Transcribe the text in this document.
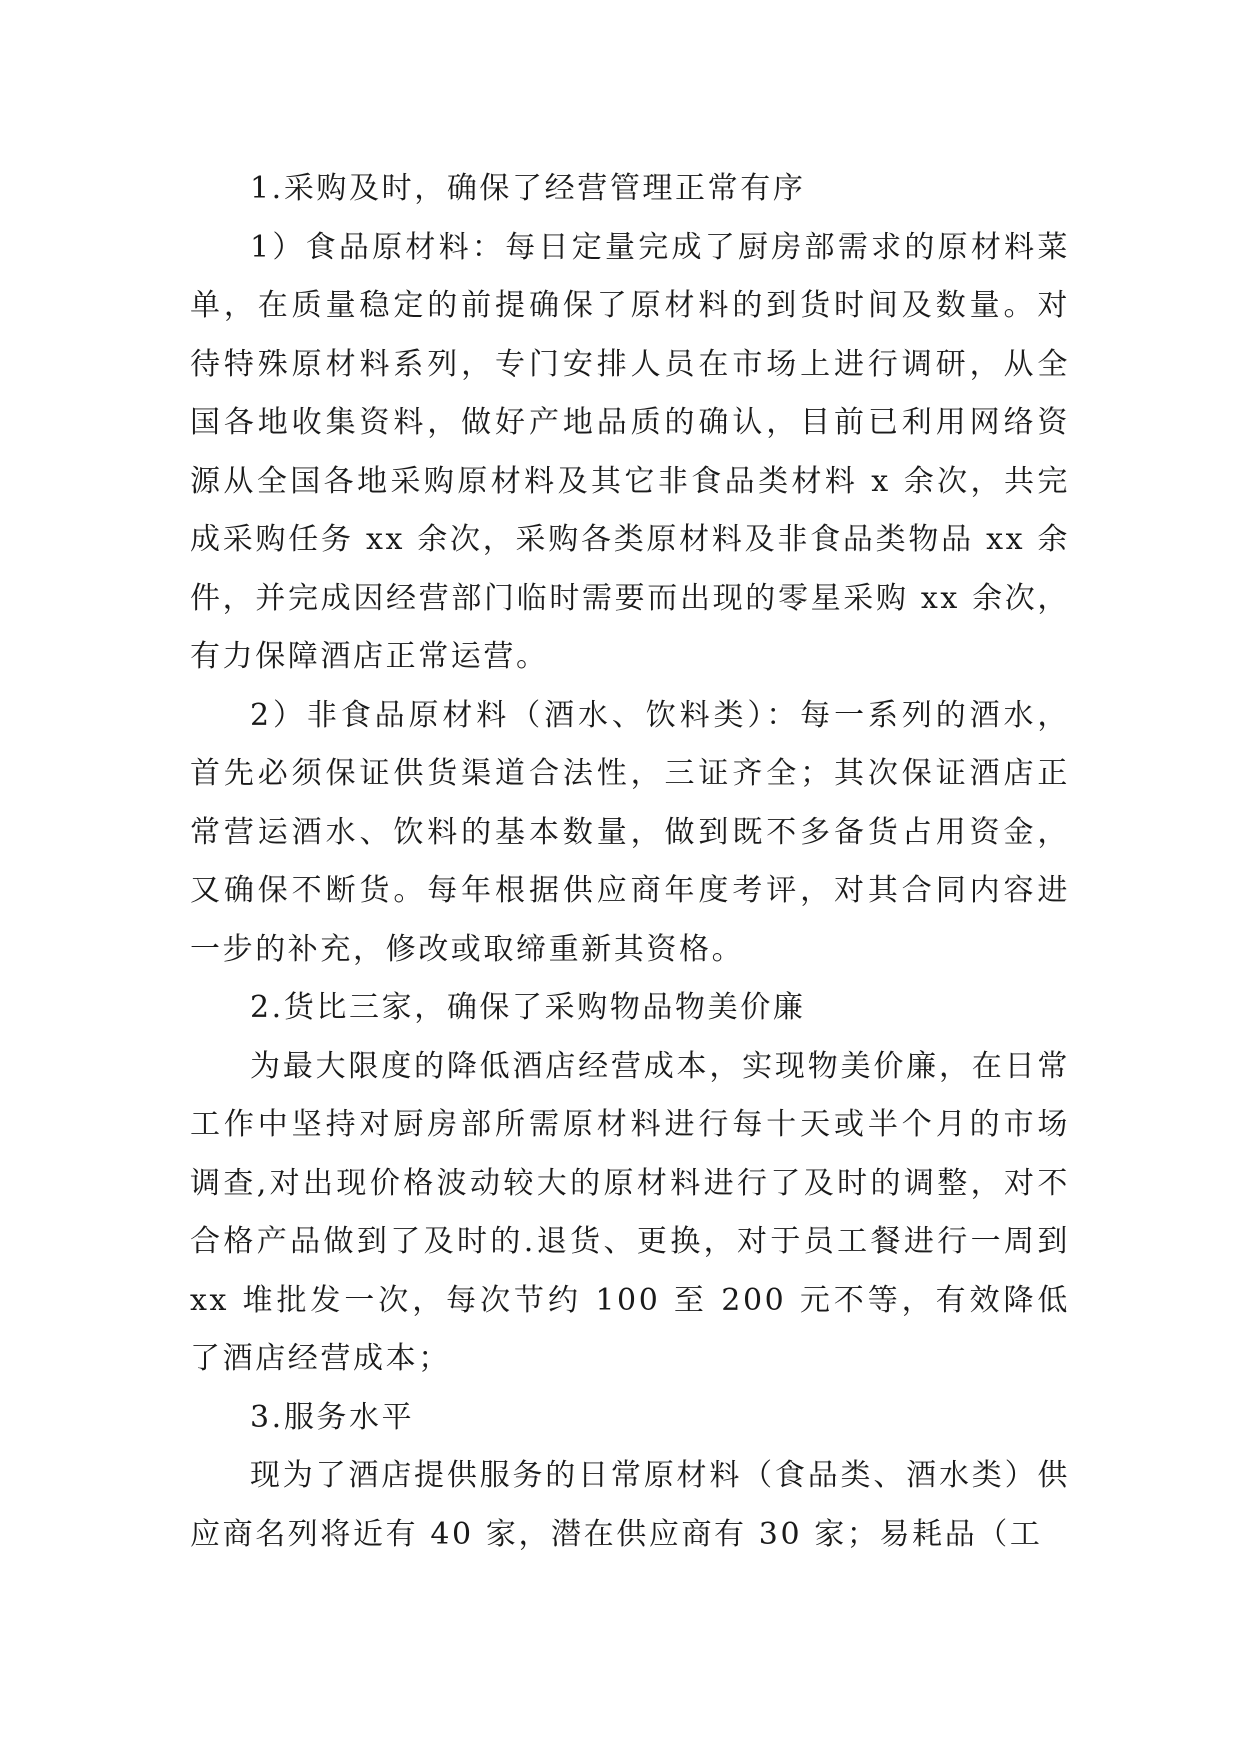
1.采购及时，确保了经营管理正常有序

1）食品原材料：每日定量完成了厨房部需求的原材料菜单，在质量稳定的前提确保了原材料的到货时间及数量。对待特殊原材料系列，专门安排人员在市场上进行调研，从全国各地收集资料，做好产地品质的确认，目前已利用网络资源从全国各地采购原材料及其它非食品类材料 x 余次，共完成采购任务 xx 余次，采购各类原材料及非食品类物品 xx 余件，并完成因经营部门临时需要而出现的零星采购 xx 余次，有力保障酒店正常运营。

2）非食品原材料（酒水、饮料类）：每一系列的酒水，首先必须保证供货渠道合法性，三证齐全；其次保证酒店正常营运酒水、饮料的基本数量，做到既不多备货占用资金，又确保不断货。每年根据供应商年度考评，对其合同内容进一步的补充，修改或取缔重新其资格。

2.货比三家，确保了采购物品物美价廉

为最大限度的降低酒店经营成本，实现物美价廉，在日常工作中坚持对厨房部所需原材料进行每十天或半个月的市场调查,对出现价格波动较大的原材料进行了及时的调整，对不合格产品做到了及时的.退货、更换，对于员工餐进行一周到 xx 堆批发一次，每次节约 100 至 200 元不等，有效降低了酒店经营成本；

3.服务水平

现为了酒店提供服务的日常原材料（食品类、酒水类）供应商名列将近有 40 家，潜在供应商有 30 家；易耗品（工
